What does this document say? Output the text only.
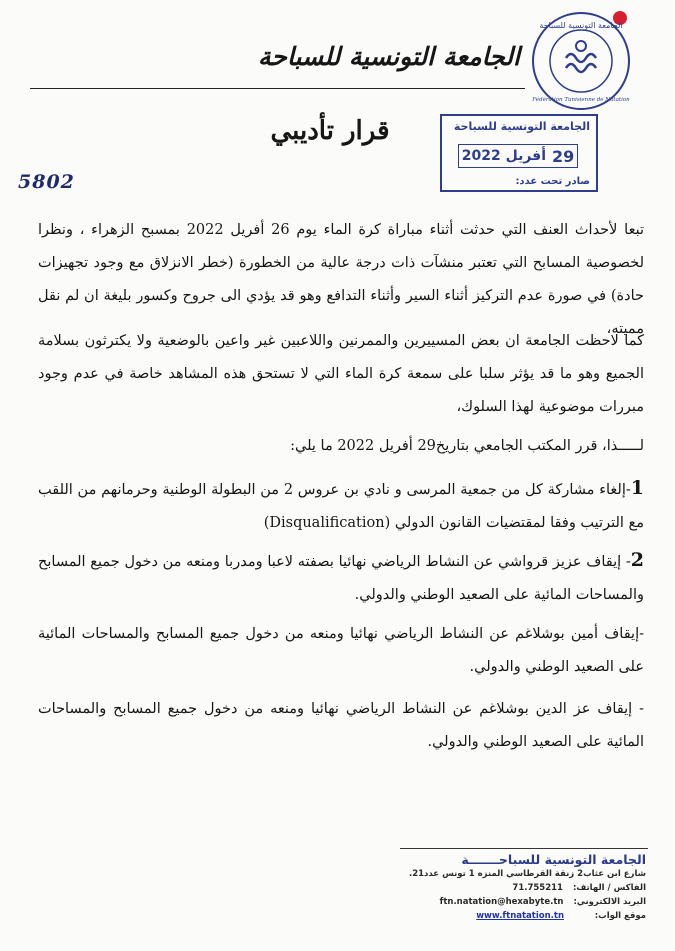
الجامعة التونسية للسباحة
Fédération Tunisienne de Natation
الجامعة التونسية للسباحة
قرار تأديبي	الجامعة التونسية للسباحة
29
أفريل 2022
صادر تحت عدد:
5802
تبعا لأحداث العنف التي حدثت أثناء مباراة كرة الماء يوم 26 أفريل 2022 بمسبح الزهراء ، ونظرا لخصوصية المسابح التي تعتبر منشآت ذات درجة عالية من الخطورة (خطر الانزلاق مع وجود تجهيزات حادة) في صورة عدم التركيز أثناء السير وأثناء التدافع وهو قد يؤدي الى جروح وكسور بليغة ان لم نقل مميته،
كما لاحظت الجامعة ان بعض المسييرين والممرنين واللاعبين غير واعين بالوضعية ولا يكترثون بسلامة الجميع وهو ما قد يؤثر سلبا على سمعة كرة الماء التي لا تستحق هذه المشاهد خاصة في عدم وجود مبررات موضوعية لهذا السلوك،
لـــــذا، قرر المكتب الجامعي بتاريخ29 أفريل 2022 ما يلي:
1-إلغاء مشاركة كل من جمعية المرسى و نادي بن عروس 2 من البطولة الوطنية وحرمانهم من اللقب مع الترتيب وفقا لمقتضيات القانون الدولي (Disqualification)
2- إيقاف عزيز قرواشي عن النشاط الرياضي نهائيا بصفته لاعبا ومدربا ومنعه من دخول جميع المسابح والمساحات المائية على الصعيد الوطني والدولي.
-إيقاف أمين بوشلاغم عن النشاط الرياضي نهائيا ومنعه من دخول جميع المسابح والمساحات المائية على الصعيد الوطني والدولي.
- إيقاف عز الدين بوشلاغم عن النشاط الرياضي نهائيا ومنعه من دخول جميع المسابح والمساحات المائية على الصعيد الوطني والدولي.
الجامعة التونسية للسباحـــــــة
شارع ابن عثاب2 زنقة القرطاسي المنزه 1 تونس عدد21.
الفاكس / الهاتف:
71.755211
البريد الالكتروني:
ftn.natation@hexabyte.tn
موقع الواب:
www.ftnatation.tn
